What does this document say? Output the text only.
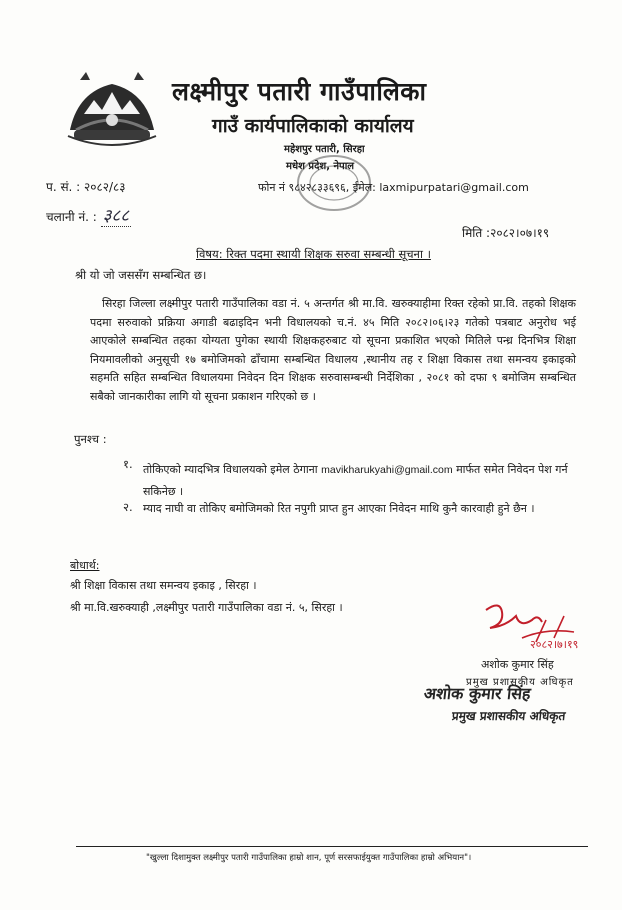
लक्ष्मीपुर पतारी गाउँपालिका
गाउँ कार्यपालिकाको कार्यालय
महेशपुर पतारी, सिरहा
मधेश प्रदेश, नेपाल
प. सं. : २०८२/८३	फोन नं ९८४२८३३६९६, ईमेल: laxmipurpatari@gmail.com
चलानी नं. : ३८८
मिति :२०८२।०७।१९
विषय: रिक्त पदमा स्थायी शिक्षक सरुवा सम्बन्धी सूचना ।
श्री यो जो जससँग सम्बन्धित छ।
सिरहा जिल्ला लक्ष्मीपुर पतारी गाउँपालिका वडा नं. ५ अन्तर्गत श्री मा.वि. खरुक्याहीमा रिक्त रहेको प्रा.वि. तहको शिक्षक पदमा सरुवाको प्रक्रिया अगाडी बढाइदिन भनी विधालयको च.नं. ४५ मिति २०८२।०६।२३ गतेको पत्रबाट अनुरोध भई आएकोले सम्बन्धित तहका योग्यता पुगेका स्थायी शिक्षकहरुबाट यो सूचना प्रकाशित भएको मितिले पन्ध्र दिनभित्र शिक्षा नियमावलीको अनुसूची १७ बमोजिमको ढाँचामा सम्बन्धित विधालय ,स्थानीय तह र शिक्षा विकास तथा समन्वय इकाइको सहमति सहित सम्बन्धित विधालयमा निवेदन दिन शिक्षक सरुवासम्बन्धी निर्देशिका , २०८१ को दफा ९ बमोजिम सम्बन्धित सबैको जानकारीका लागि यो सूचना प्रकाशन गरिएको छ ।
पुनश्च :
१. तोकिएको म्यादभित्र विधालयको इमेल ठेगाना mavikharukyahi@gmail.com मार्फत समेत निवेदन पेश गर्न सकिनेछ ।
२. म्याद नाघी वा तोकिए बमोजिमको रित नपुगी प्राप्त हुन आएका निवेदन माथि कुनै कारवाही हुने छैन ।
बोधार्थ:
श्री शिक्षा विकास तथा समन्वय इकाइ , सिरहा ।
श्री मा.वि.खरुक्याही ,लक्ष्मीपुर पतारी गाउँपालिका वडा नं. ५, सिरहा ।
२०८२।७।१९
अशोक कुमार सिंह
प्रमुख प्रशासकीय अधिकृत
अशोक कुमार सिंह
प्रमुख प्रशासकीय अधिकृत
"खुल्ला दिशामुक्त लक्ष्मीपुर पतारी गाउँपालिका हाम्रो शान, पूर्ण सरसफाईयुक्त गाउँपालिका हाम्रो अभियान"।
